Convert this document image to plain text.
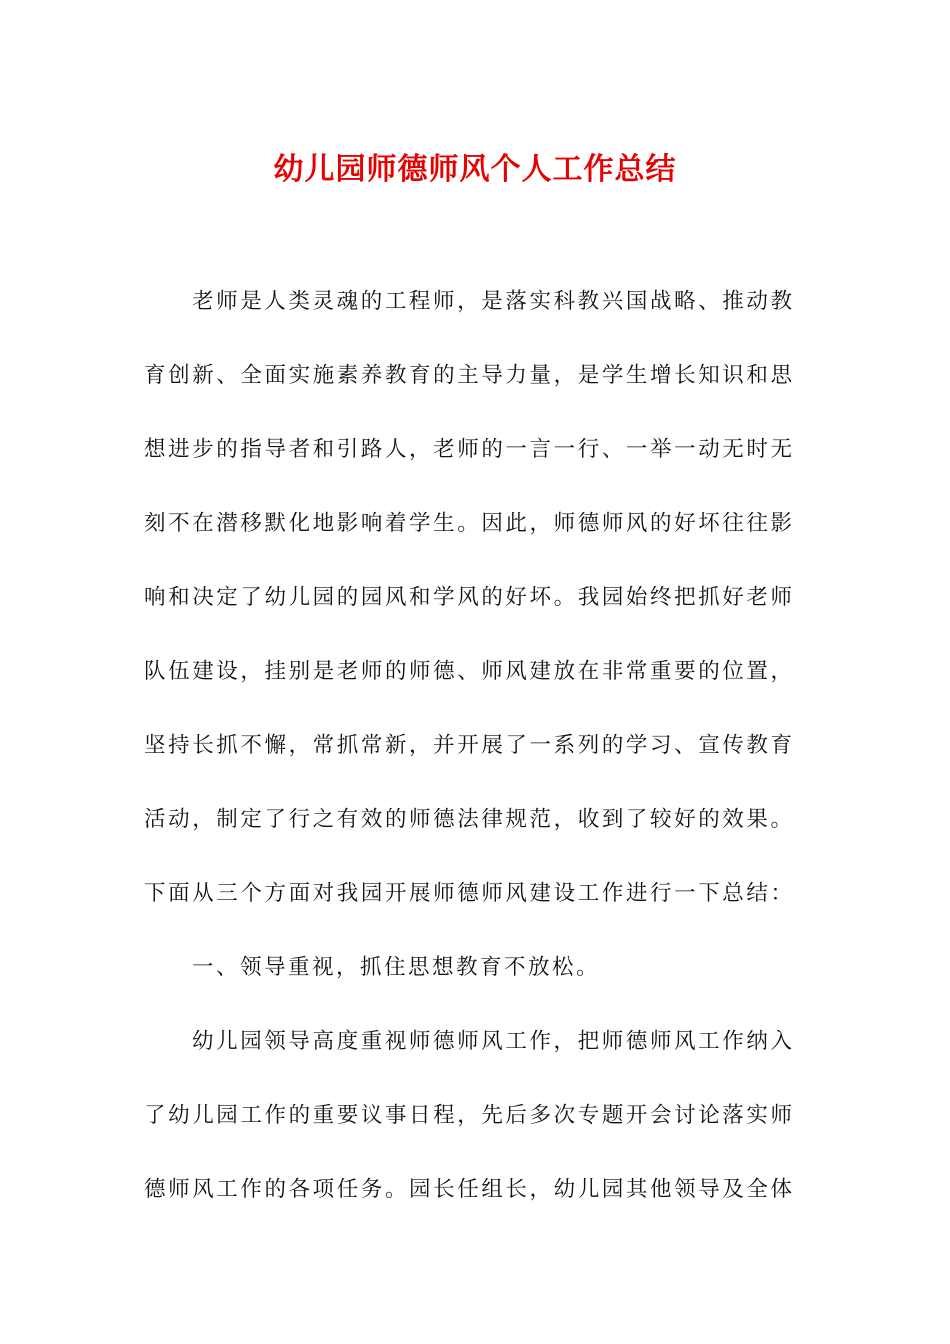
幼儿园师德师风个人工作总结

老师是人类灵魂的工程师，是落实科教兴国战略、推动教

育创新、全面实施素养教育的主导力量，是学生增长知识和思

想进步的指导者和引路人，老师的一言一行、一举一动无时无

刻不在潜移默化地影响着学生。因此，师德师风的好坏往往影

响和决定了幼儿园的园风和学风的好坏。我园始终把抓好老师

队伍建设，挂别是老师的师德、师风建放在非常重要的位置，

坚持长抓不懈，常抓常新，并开展了一系列的学习、宣传教育

活动，制定了行之有效的师德法律规范，收到了较好的效果。

下面从三个方面对我园开展师德师风建设工作进行一下总结：

一、领导重视，抓住思想教育不放松。

幼儿园领导高度重视师德师风工作，把师德师风工作纳入

了幼儿园工作的重要议事日程，先后多次专题开会讨论落实师

德师风工作的各项任务。园长任组长，幼儿园其他领导及全体
